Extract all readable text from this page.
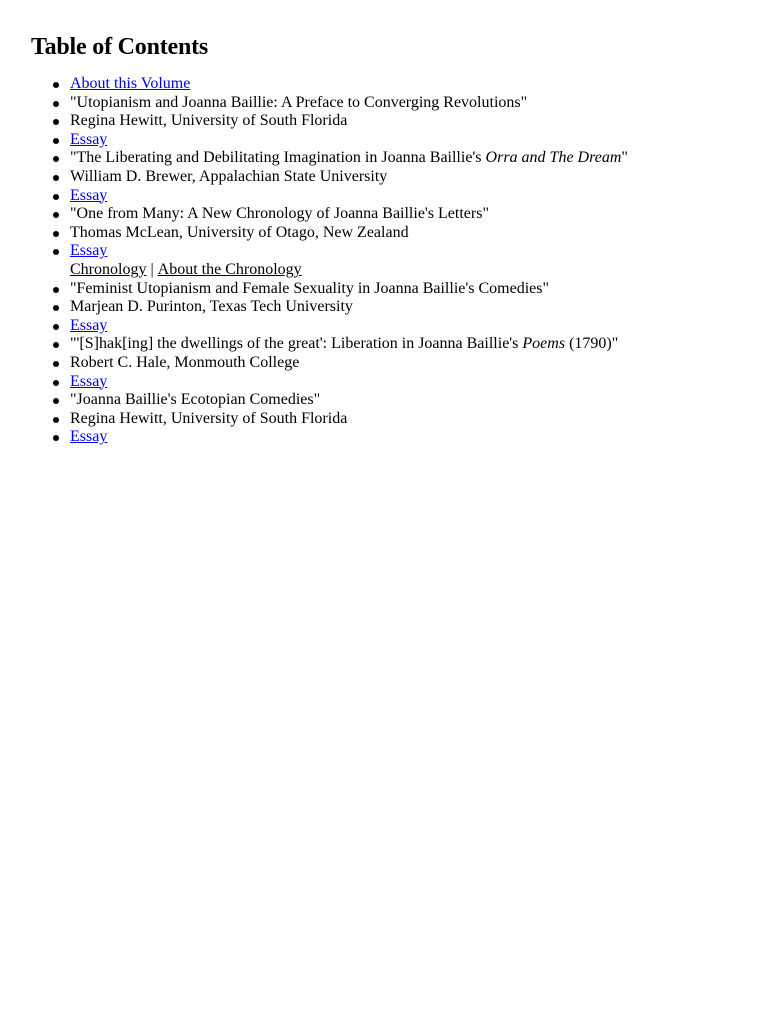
Table of Contents
About this Volume
"Utopianism and Joanna Baillie: A Preface to Converging Revolutions"
Regina Hewitt, University of South Florida
Essay
"The Liberating and Debilitating Imagination in Joanna Baillie's Orra and The Dream"
William D. Brewer, Appalachian State University
Essay
"One from Many: A New Chronology of Joanna Baillie's Letters"
Thomas McLean, University of Otago, New Zealand
Essay
Chronology | About the Chronology
"Feminist Utopianism and Female Sexuality in Joanna Baillie's Comedies"
Marjean D. Purinton, Texas Tech University
Essay
"'[S]hak[ing] the dwellings of the great': Liberation in Joanna Baillie's Poems (1790)"
Robert C. Hale, Monmouth College
Essay
"Joanna Baillie's Ecotopian Comedies"
Regina Hewitt, University of South Florida
Essay
